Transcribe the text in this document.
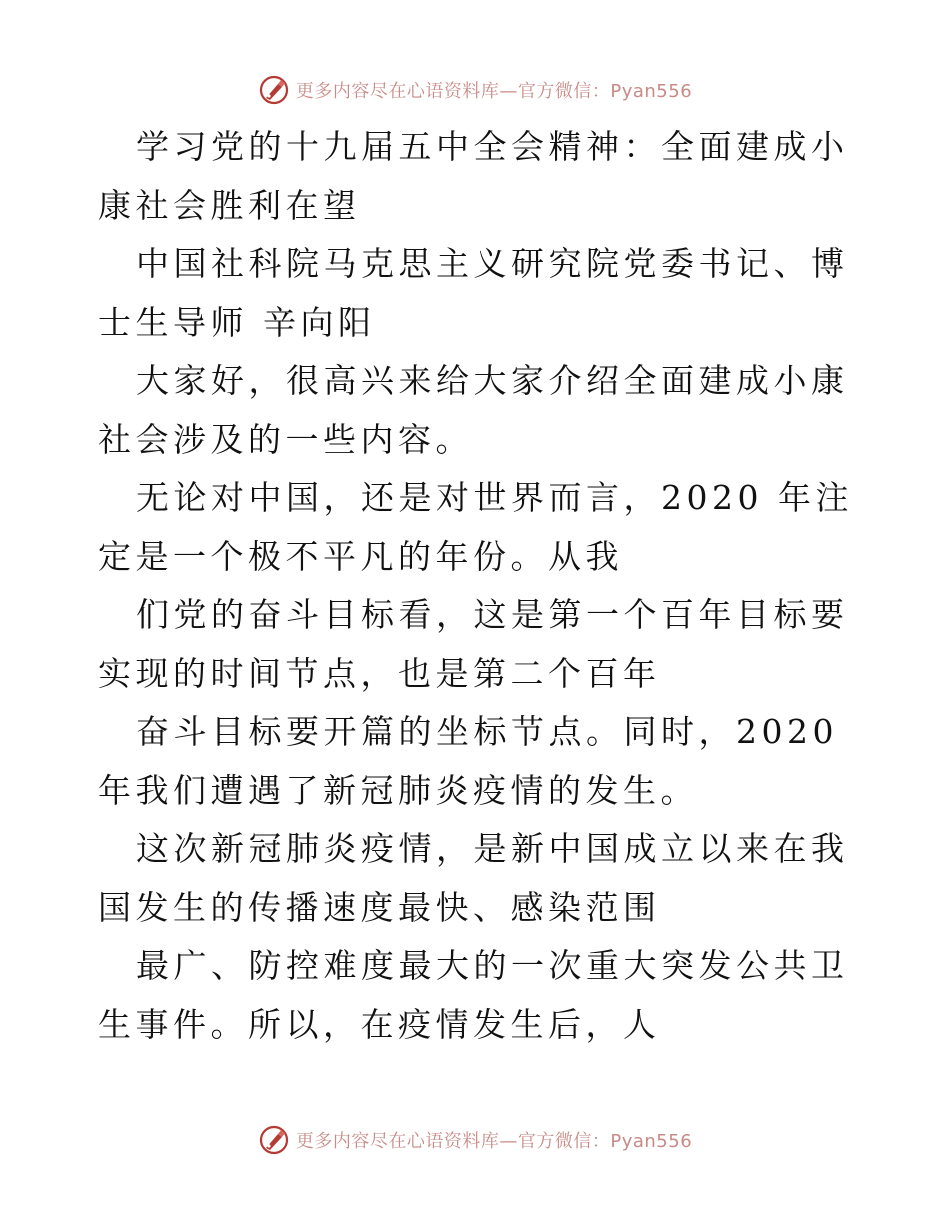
更多内容尽在心语资料库—官方微信：Pyan556

学习党的十九届五中全会精神：全面建成小康社会胜利在望

中国社科院马克思主义研究院党委书记、博士生导师 辛向阳

大家好，很高兴来给大家介绍全面建成小康社会涉及的一些内容。

无论对中国，还是对世界而言，2020 年注定是一个极不平凡的年份。从我

们党的奋斗目标看，这是第一个百年目标要实现的时间节点，也是第二个百年

奋斗目标要开篇的坐标节点。同时，2020 年我们遭遇了新冠肺炎疫情的发生。

这次新冠肺炎疫情，是新中国成立以来在我国发生的传播速度最快、感染范围

最广、防控难度最大的一次重大突发公共卫生事件。所以，在疫情发生后，人

更多内容尽在心语资料库—官方微信：Pyan556
